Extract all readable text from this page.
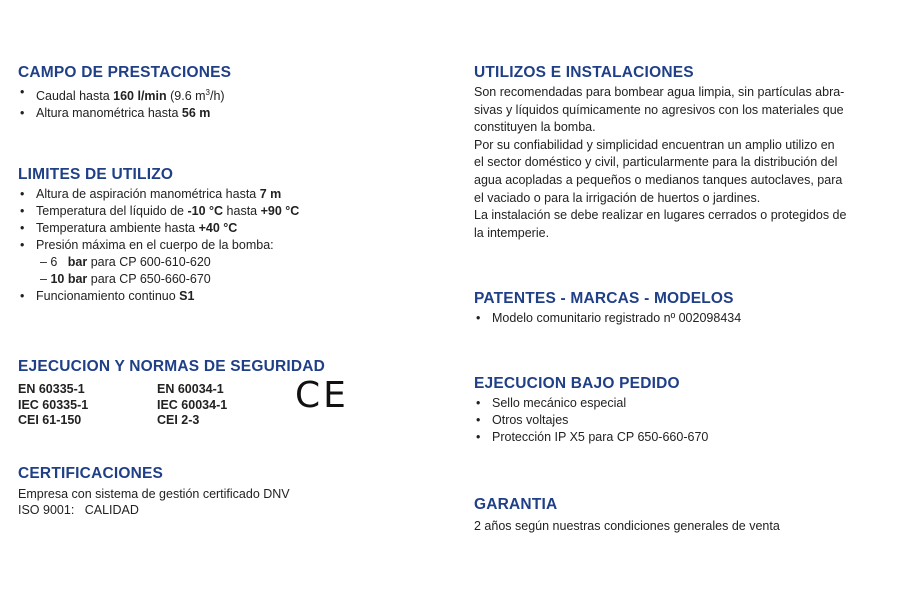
CAMPO DE PRESTACIONES
• Caudal hasta 160 l/min (9.6 $m^3/h$)
• Altura manométrica hasta 56 m
LIMITES DE UTILIZO
• Altura de aspiración manométrica hasta 7 m
• Temperatura del líquido de -10 °C hasta +90 °C
• Temperatura ambiente hasta +40 °C
• Presión máxima en el cuerpo de la bomba:
– 6   bar para CP 600-610-620
– 10 bar para CP 650-660-670
• Funcionamiento continuo S1
EJECUCION Y NORMAS DE SEGURIDAD
EN 60335-1
IEC 60335-1
CEI 61-150
EN 60034-1
IEC 60034-1
CEI 2-3
CE
CERTIFICACIONES

Empresa con sistema de gestión certificado DNV
ISO 9001:   CALIDAD

UTILIZOS E INSTALACIONES

Son recomendadas para bombear agua limpia, sin partículas abra-
sivas y líquidos químicamente no agresivos con los materiales que
constituyen la bomba.
Por su confiabilidad y simplicidad encuentran un amplio utilizo en
el sector doméstico y civil, particularmente para la distribución del
agua acopladas a pequeños o medianos tanques autoclaves, para
el vaciado o para la irrigación de huertos o jardines.
La instalación se debe realizar en lugares cerrados o protegidos de
la intemperie.

PATENTES - MARCAS - MODELOS
• Modelo comunitario registrado nº 002098434
EJECUCION BAJO PEDIDO
• Sello mecánico especial
• Otros voltajes
• Protección IP X5 para CP 650-660-670
GARANTIA

2 años según nuestras condiciones generales de venta
